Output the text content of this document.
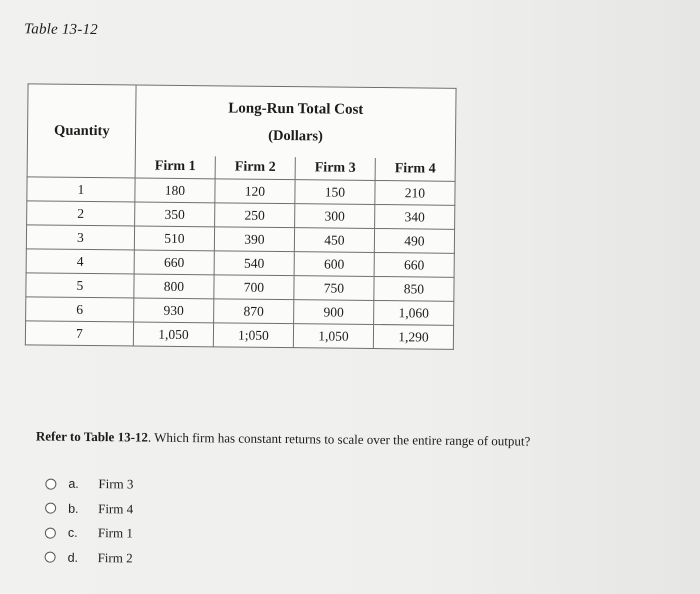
Table 13-12
Quantity	Long-Run Total Cost
(Dollars)			

	Firm 1	Firm 2	Firm 3	Firm 4
1	180	120	150	210
2	350	250	300	340
3	510	390	450	490
4	660	540	600	660
5	800	700	750	850
6	930	870	900	1,060
7	1,050	1;050	1,050	1,290
Refer to Table 13-12. Which firm has constant returns to scale over the entire range of output?
a.	Firm 3
b.	Firm 4
c.	Firm 1
d.	Firm 2
